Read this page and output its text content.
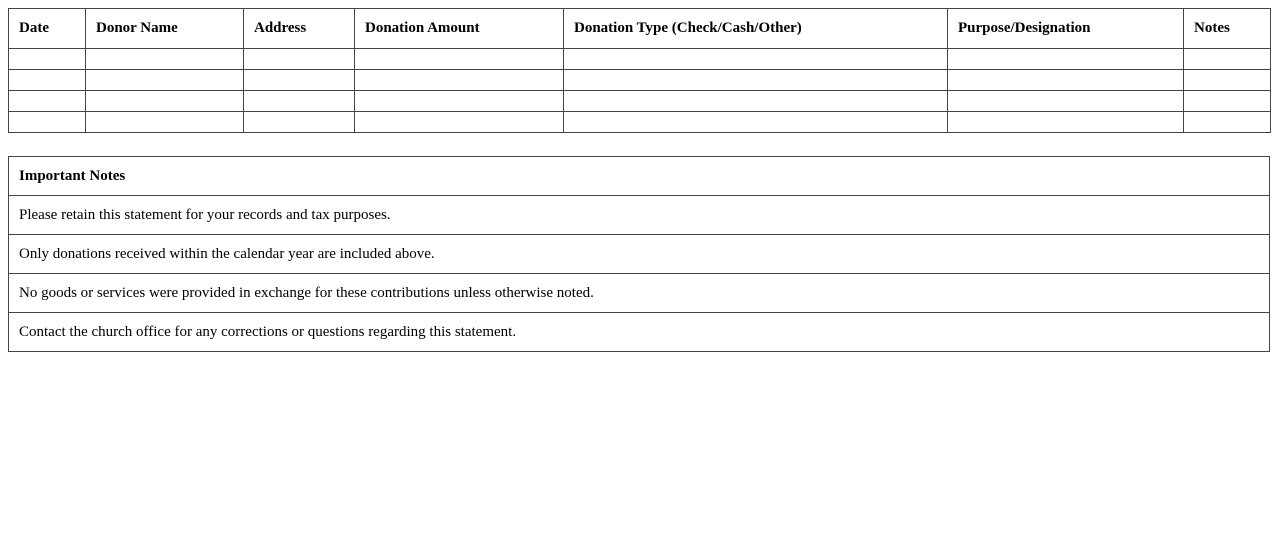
Date	Donor Name	Address	Donation Amount	Donation Type (Check/Cash/Other)	Purpose/Designation	Notes

Important Notes
Please retain this statement for your records and tax purposes.
Only donations received within the calendar year are included above.
No goods or services were provided in exchange for these contributions unless otherwise noted.
Contact the church office for any corrections or questions regarding this statement.
